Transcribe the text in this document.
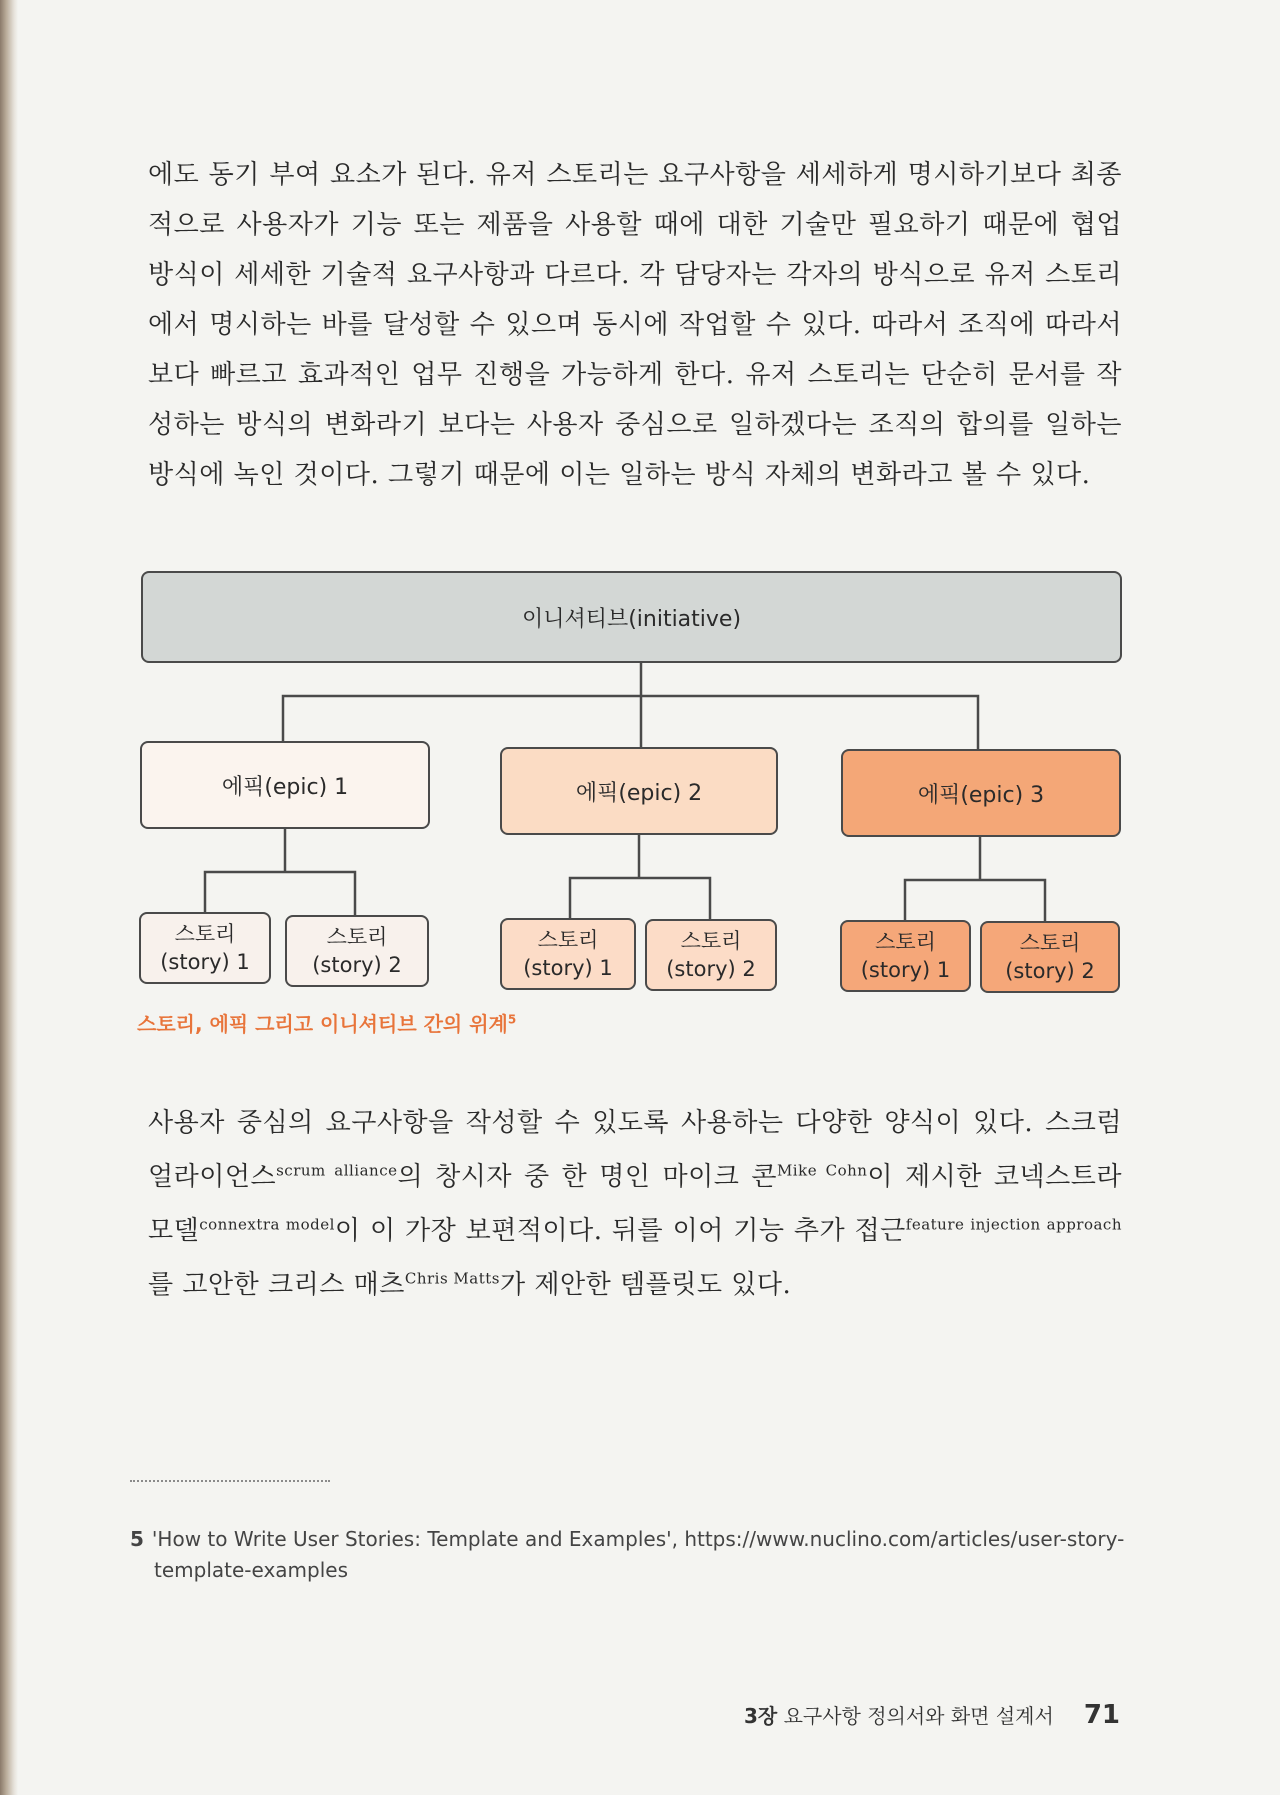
에도 동기 부여 요소가 된다. 유저 스토리는 요구사항을 세세하게 명시하기보다 최종적으로 사용자가 기능 또는 제품을 사용할 때에 대한 기술만 필요하기 때문에 협업 방식이 세세한 기술적 요구사항과 다르다. 각 담당자는 각자의 방식으로 유저 스토리에서 명시하는 바를 달성할 수 있으며 동시에 작업할 수 있다. 따라서 조직에 따라서 보다 빠르고 효과적인 업무 진행을 가능하게 한다. 유저 스토리는 단순히 문서를 작성하는 방식의 변화라기 보다는 사용자 중심으로 일하겠다는 조직의 합의를 일하는 방식에 녹인 것이다. 그렇기 때문에 이는 일하는 방식 자체의 변화라고 볼 수 있다.

이니셔티브(initiative)
에픽(epic) 1	에픽(epic) 2	에픽(epic) 3
스토리
(story) 1
스토리
(story) 2
스토리
(story) 1
스토리
(story) 2
스토리
(story) 1
스토리
(story) 2

스토리, 에픽 그리고 이니셔티브 간의 위계$^5$

사용자 중심의 요구사항을 작성할 수 있도록 사용하는 다양한 양식이 있다. 스크럼 얼라이언스$^{scrum alliance}$의 창시자 중 한 명인 마이크 콘$^{Mike Cohn}$이 제시한 코넥스트라 모델$^{connextra model}$이 이 가장 보편적이다. 뒤를 이어 기능 추가 접근$^{feature injection approach}$를 고안한 크리스 매츠$^{Chris Matts}$가 제안한 템플릿도 있다.

5 'How to Write User Stories: Template and Examples', https://www.nuclino.com/articles/user-story-
template-examples

3장 요구사항 정의서와 화면 설계서 71
